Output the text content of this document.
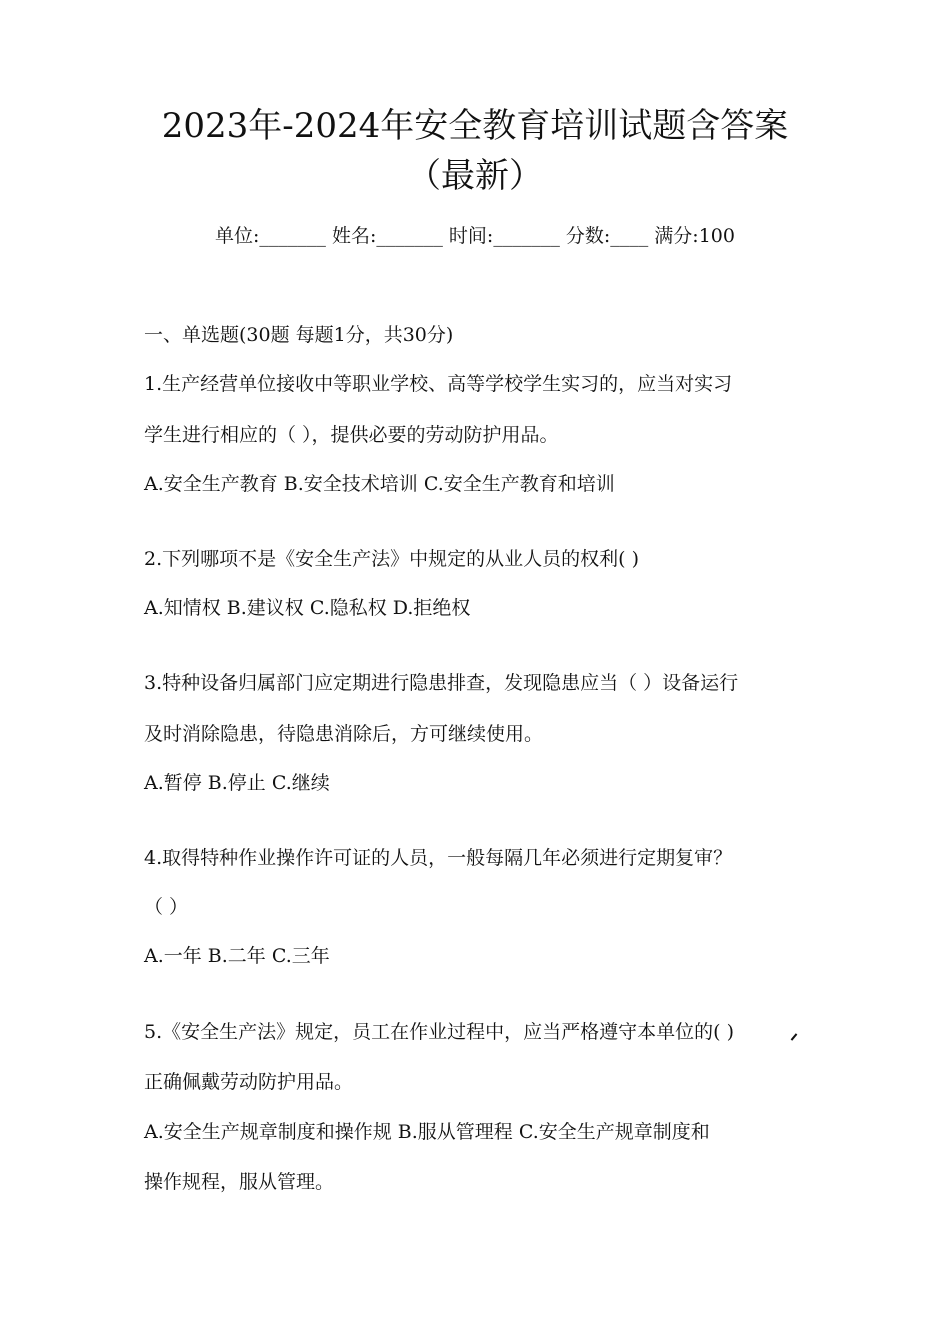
2023年-2024年安全教育培训试题含答案
（最新）
单位:_______ 姓名:_______ 时间:_______ 分数:____ 满分:100
一、单选题(30题 每题1分，共30分)
1.生产经营单位接收中等职业学校、高等学校学生实习的，应当对实习
学生进行相应的（ ），提供必要的劳动防护用品。
A.安全生产教育 B.安全技术培训 C.安全生产教育和培训
2.下列哪项不是《安全生产法》中规定的从业人员的权利( )
A.知情权 B.建议权 C.隐私权 D.拒绝权
3.特种设备归属部门应定期进行隐患排查，发现隐患应当（ ）设备运行
及时消除隐患，待隐患消除后，方可继续使用。
A.暂停 B.停止 C.继续
4.取得特种作业操作许可证的人员，一般每隔几年必须进行定期复审？
（ ）
A.一年 B.二年 C.三年
5.《安全生产法》规定，员工在作业过程中，应当严格遵守本单位的( )
正确佩戴劳动防护用品。
A.安全生产规章制度和操作规 B.服从管理程 C.安全生产规章制度和
操作规程，服从管理。
